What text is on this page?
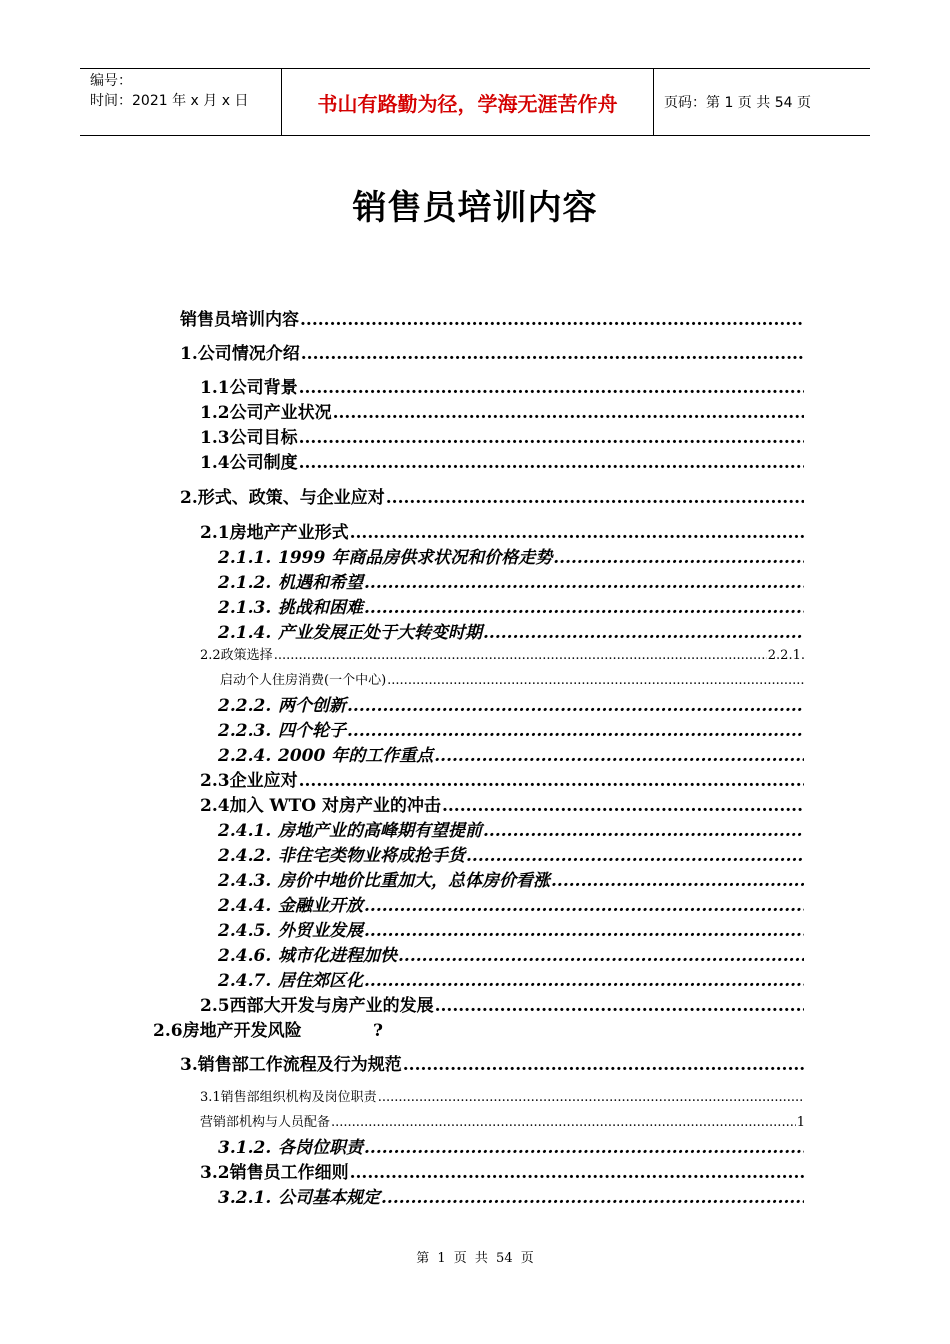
编号：
时间：2021 年 x 月 x 日	书山有路勤为径，学海无涯苦作舟	页码：第 1 页 共 54 页
销售员培训内容
销售员培训内容
.....
1. 公司情况介绍
.....
1.1 公司背景
.....
1.2 公司产业状况
.....
1.3 公司目标
.....
1.4 公司制度
.....
2. 形式、政策、与企业应对
.....
2.1 房地产产业形式
.....
2.1.1. 1999 年商品房供求状况和价格走势
.....
2.1.2. 机遇和希望
.....
2.1.3. 挑战和困难
.....
2.1.4. 产业发展正处于大转变时期
.....
2.2政策选择 .....	2.2.1.
启动个人住房消费(一个中心)
.....
2.2.2. 两个创新
.....
2.2.3. 四个轮子
.....
2.2.4. 2000 年的工作重点
.....
2.3 企业应对
.....
2.4 加入 WTO 对房产业的冲击
.....
2.4.1. 房地产业的高峰期有望提前
.....
2.4.2. 非住宅类物业将成抢手货
.....
2.4.3. 房价中地价比重加大，总体房价看涨
.....
2.4.4. 金融业开放
.....
2.4.5. 外贸业发展
.....
2.4.6. 城市化进程加快
.....
2.4.7. 居住郊区化
.....
2.5 西部大开发与房产业的发展
.....
2.6 房地产开发风险	?
3. 销售部工作流程及行为规范
.....
3.1销售部组织机构及岗位职责
.....
营销部机构与人员配备 .....	1
3.1.2. 各岗位职责
.....
3.2 销售员工作细则
.....
3.2.1. 公司基本规定
.....
第 1 页 共 54 页
